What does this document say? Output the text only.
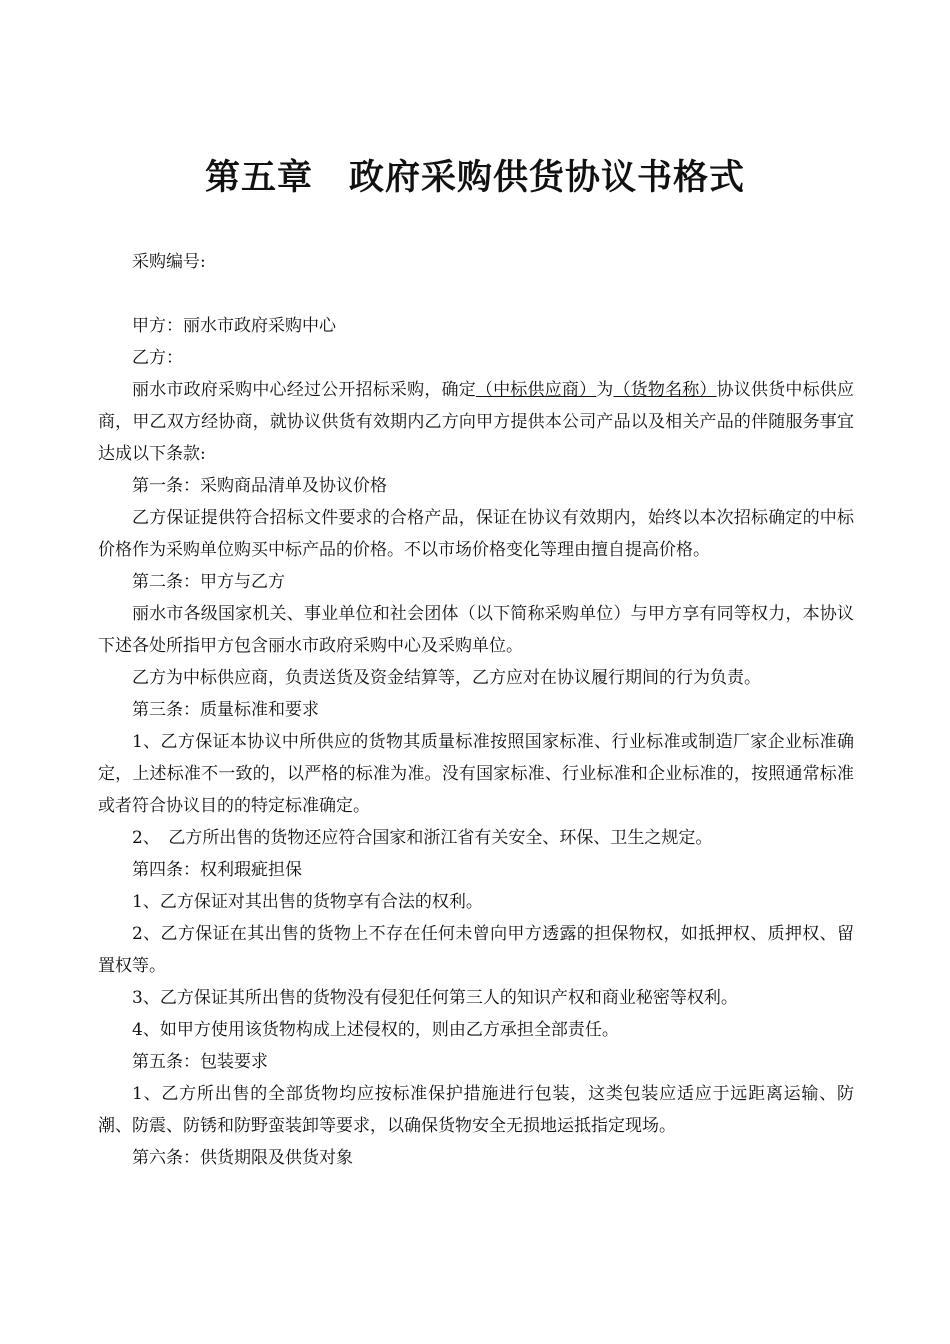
第五章　政府采购供货协议书格式

采购编号:

甲方：丽水市政府采购中心

乙方：

丽水市政府采购中心经过公开招标采购，确定（中标供应商）为（货物名称）协议供货中标供应商，甲乙双方经协商，就协议供货有效期内乙方向甲方提供本公司产品以及相关产品的伴随服务事宜达成以下条款:

第一条：采购商品清单及协议价格

乙方保证提供符合招标文件要求的合格产品，保证在协议有效期内，始终以本次招标确定的中标价格作为采购单位购买中标产品的价格。不以市场价格变化等理由擅自提高价格。

第二条：甲方与乙方

丽水市各级国家机关、事业单位和社会团体（以下简称采购单位）与甲方享有同等权力，本协议下述各处所指甲方包含丽水市政府采购中心及采购单位。

乙方为中标供应商，负责送货及资金结算等，乙方应对在协议履行期间的行为负责。

第三条：质量标准和要求

1、乙方保证本协议中所供应的货物其质量标准按照国家标准、行业标准或制造厂家企业标准确定，上述标准不一致的，以严格的标准为准。没有国家标准、行业标准和企业标准的，按照通常标准或者符合协议目的的特定标准确定。

2、　乙方所出售的货物还应符合国家和浙江省有关安全、环保、卫生之规定。

第四条：权利瑕疵担保

1、乙方保证对其出售的货物享有合法的权利。

2、乙方保证在其出售的货物上不存在任何未曾向甲方透露的担保物权，如抵押权、质押权、留置权等。

3、乙方保证其所出售的货物没有侵犯任何第三人的知识产权和商业秘密等权利。

4、如甲方使用该货物构成上述侵权的，则由乙方承担全部责任。

第五条：包装要求

1、乙方所出售的全部货物均应按标准保护措施进行包装，这类包装应适应于远距离运输、防潮、防震、防锈和防野蛮装卸等要求，以确保货物安全无损地运抵指定现场。

第六条：供货期限及供货对象
